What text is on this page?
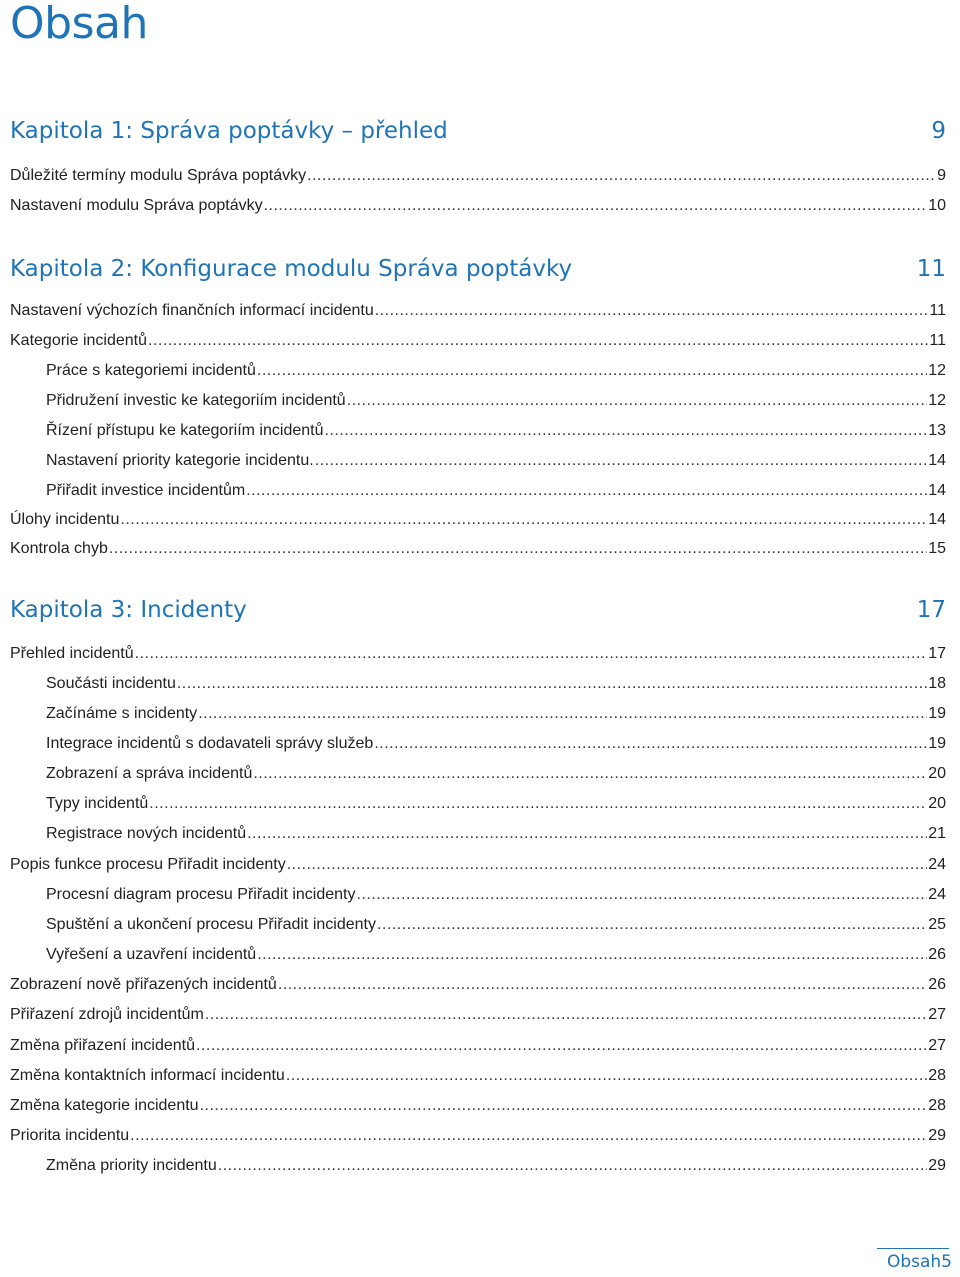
Obsah
Kapitola 1: Správa poptávky – přehled	9
Důležité termíny modulu Správa poptávky .....	9
Nastavení modulu Správa poptávky .....	10
Kapitola 2: Konfigurace modulu Správa poptávky	11
Nastavení výchozích finančních informací incidentu .....	11
Kategorie incidentů .....	11
Práce s kategoriemi incidentů .....	12
Přidružení investic ke kategoriím incidentů .....	12
Řízení přístupu ke kategoriím incidentů .....	13
Nastavení priority kategorie incidentu. .....	14
Přiřadit investice incidentům .....	14
Úlohy incidentu .....	14
Kontrola chyb .....	15
Kapitola 3: Incidenty	17
Přehled incidentů .....	17
Součásti incidentu .....	18
Začínáme s incidenty .....	19
Integrace incidentů s dodavateli správy služeb .....	19
Zobrazení a správa incidentů .....	20
Typy incidentů .....	20
Registrace nových incidentů .....	21
Popis funkce procesu Přiřadit incidenty .....	24
Procesní diagram procesu Přiřadit incidenty .....	24
Spuštění a ukončení procesu Přiřadit incidenty .....	25
Vyřešení a uzavření incidentů .....	26
Zobrazení nově přiřazených incidentů .....	26
Přiřazení zdrojů incidentům .....	27
Změna přiřazení incidentů .....	27
Změna kontaktních informací incidentu .....	28
Změna kategorie incidentu .....	28
Priorita incidentu .....	29
Změna priority incidentu .....	29
Obsah5
